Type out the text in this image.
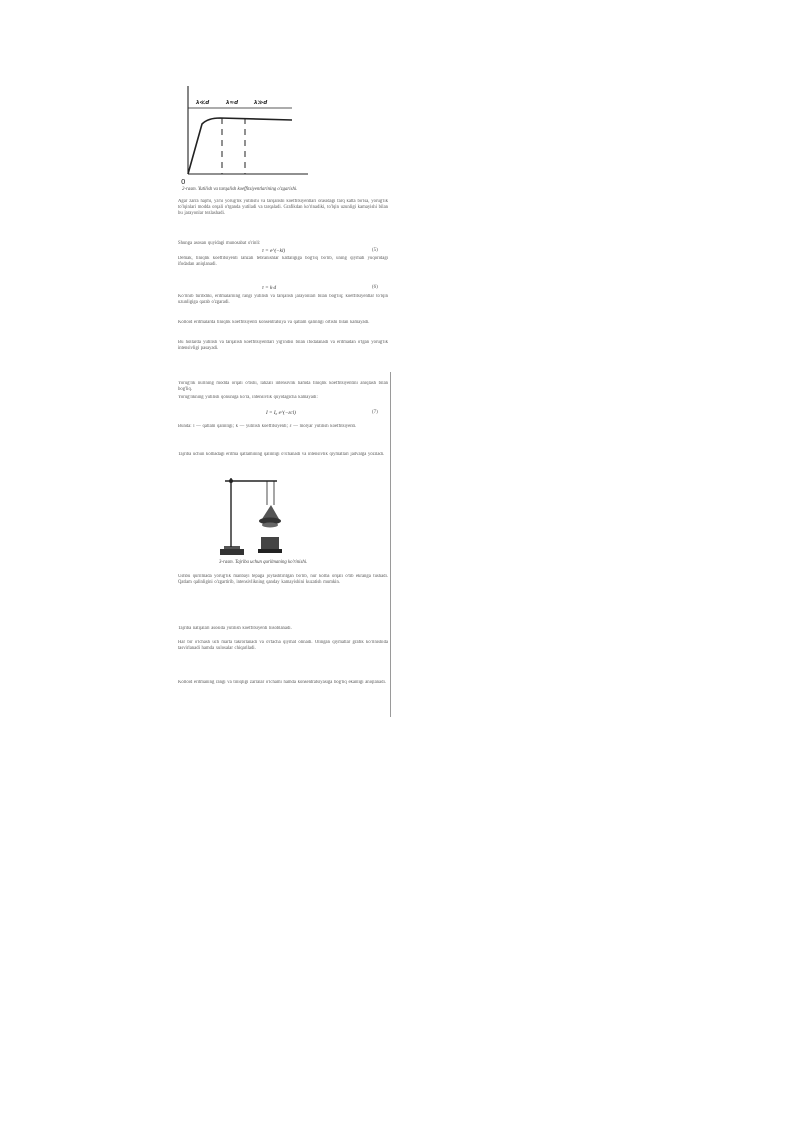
λ≪d	λ≈d	λ≫d
0
2-rasm. Yutilish va tarqalish koeffitsiyentlarining o'zgarishi.

Agar zarra hajmi, ya'ni yorug'lik yutilishi va tarqalishi koeffitsiyentlari orasidagi farq katta bo'lsa, yorug'lik to'lqinlari modda orqali o'tganda yutiladi va tarqaladi. Grafikdan ko'rinadiki, to'lqin uzunligi kamayishi bilan bu jarayonlar tezlashadi.

Shunga asosan quyidagi munosabat o'rinli:

τ = e^(−kl)	(5)

Demak, tiniqlik koeffitsiyenti lahzali tebranishlar kattaligiga bog'liq bo'lib, uning qiymati yuqoridagi ifodadan aniqlanadi.

τ = k·d	(6)

Ko'rinib turibdiki, eritmalarning rangi yutilish va tarqalish jarayonlari bilan bog'liq; koeffitsiyentlar to'lqin uzunligiga qarab o'zgaradi.

Kolloid eritmalarda tiniqlik koeffitsiyenti konsentratsiya va qatlam qalinligi ortishi bilan kamayadi.

Bu hollarda yutilish va tarqalish koeffitsiyentlari yig'indisi bilan ifodalanadi va eritmadan o'tgan yorug'lik intensivligi pasayadi.

Yorug'lik nurining modda orqali o'tishi, lahzali intensivlik hamda tiniqlik koeffitsiyentini aniqlash bilan bog'liq.

Yorug'likning yutilish qonuniga ko'ra, intensivlik quyidagicha kamayadi:

I = I₀ e^(−εcl)	(7)

Bunda: l — qatlam qalinligi; k — yutilish koeffitsiyenti; ε — molyar yutilish koeffitsiyenti.

Tajriba uchun kolbadagi eritma qatlamining qalinligi o'lchanadi va intensivlik qiymatlari jadvalga yoziladi.

3-rasm. Tajriba uchun qurilmaning ko'rinishi.

Ushbu qurilmada yorug'lik manbayi tepaga joylashtirilgan bo'lib, nur kolba orqali o'tib ekranga tushadi. Qatlam qalinligini o'zgartirib, intensivlikning qanday kamayishini kuzatish mumkin.

Tajriba natijalari asosida yutilish koeffitsiyenti hisoblanadi.

Har bir o'lchash uch marta takrorlanadi va o'rtacha qiymat olinadi. Olingan qiymatlar grafik ko'rinishida tasvirlanadi hamda xulosalar chiqariladi.

Kolloid eritmaning rangi va tiniqligi zarralar o'lchami hamda konsentratsiyasiga bog'liq ekanligi aniqlanadi.
